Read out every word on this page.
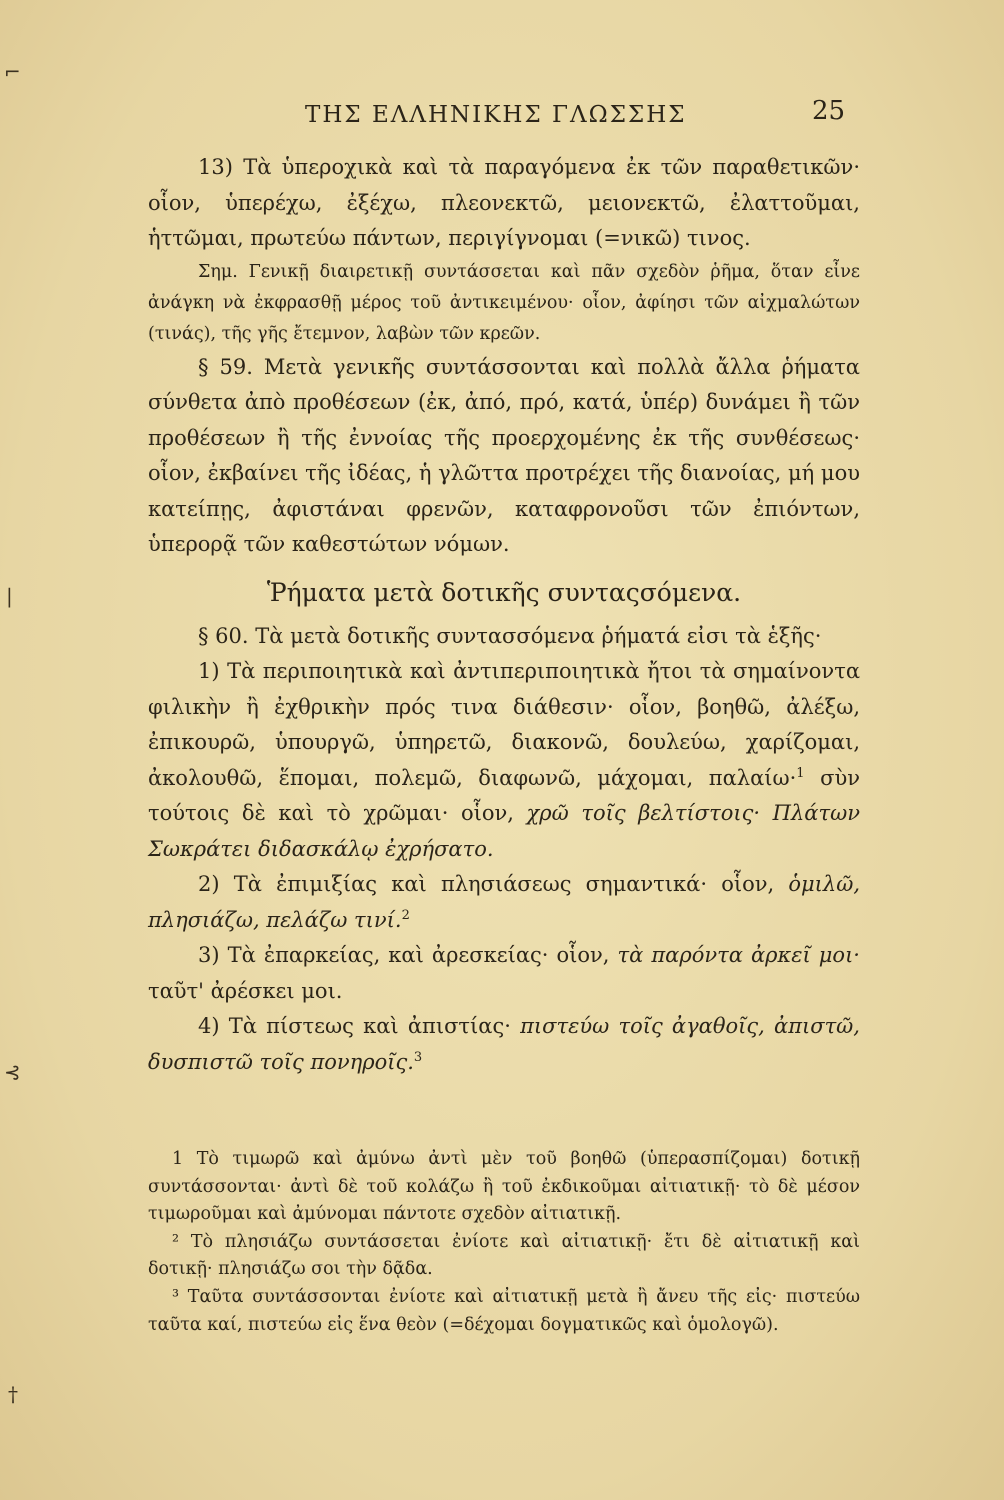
ΤΗΣ ΕΛΛΗΝΙΚΗΣ ΓΛΩΣΣΗΣ	25
⌐
|
⊰
†

13) Τὰ ὑπεροχικὰ καὶ τὰ παραγόμενα ἐκ τῶν παραθετικῶν· οἷον, ὑπερέχω, ἐξέχω, πλεονεκτῶ, μειονεκτῶ, ἐλαττοῦμαι, ἡττῶμαι, πρωτεύω πάντων, περιγίγνομαι (=νικῶ) τινος.

Σημ. Γενικῇ διαιρετικῇ συντάσσεται καὶ πᾶν σχεδὸν ῥῆμα, ὅταν εἶνε ἀνάγκη νὰ ἐκφρασθῇ μέρος τοῦ ἀντικειμένου· οἷον, ἀφίησι τῶν αἰχμαλώτων (τινάς), τῆς γῆς ἔτεμνον, λαβὼν τῶν κρεῶν.

§ 59. Μετὰ γενικῆς συντάσσονται καὶ πολλὰ ἄλλα ῥήματα σύνθετα ἀπὸ προθέσεων (ἐκ, ἀπό, πρό, κατά, ὑπέρ) δυνάμει ἢ τῶν προθέσεων ἢ τῆς ἐννοίας τῆς προερχομένης ἐκ τῆς συνθέσεως· οἷον, ἐκβαίνει τῆς ἰδέας, ἡ γλῶττα προτρέχει τῆς διανοίας, μή μου κατείπῃς, ἀφιστάναι φρενῶν, καταφρονοῦσι τῶν ἐπιόντων, ὑπερορᾷ τῶν καθεστώτων νόμων.

Ῥήματα μετὰ δοτικῆς συνταςσόμενα.

§ 60. Τὰ μετὰ δοτικῆς συντασσόμενα ῥήματά εἰσι τὰ ἑξῆς·

1) Τὰ περιποιητικὰ καὶ ἀντιπεριποιητικὰ ἤτοι τὰ σημαίνοντα φιλικὴν ἢ ἐχθρικὴν πρός τινα διάθεσιν· οἷον, βοηθῶ, ἀλέξω, ἐπικουρῶ, ὑπουργῶ, ὑπηρετῶ, διακονῶ, δουλεύω, χαρίζομαι, ἀκολουθῶ, ἕπομαι, πολεμῶ, διαφωνῶ, μάχομαι, παλαίω·$^1$ σὺν τούτοις δὲ καὶ τὸ χρῶμαι· οἷον, χρῶ τοῖς βελτίστοις· Πλάτων Σωκράτει διδασκάλῳ ἐχρήσατο.

2) Τὰ ἐπιμιξίας καὶ πλησιάσεως σημαντικά· οἷον, ὁμιλῶ, πλησιάζω, πελάζω τινί.$^2$

3) Τὰ ἐπαρκείας, καὶ ἀρεσκείας· οἷον, τὰ παρόντα ἀρκεῖ μοι· ταῦτ' ἀρέσκει μοι.

4) Τὰ πίστεως καὶ ἀπιστίας· πιστεύω τοῖς ἀγαθοῖς, ἀπιστῶ, δυσπιστῶ τοῖς πονηροῖς.$^3$

1 Τὸ τιμωρῶ καὶ ἀμύνω ἀντὶ μὲν τοῦ βοηθῶ (ὑπερασπίζομαι) δοτικῇ συντάσσονται· ἀντὶ δὲ τοῦ κολάζω ἢ τοῦ ἐκδικοῦμαι αἰτιατικῇ· τὸ δὲ μέσον τιμωροῦμαι καὶ ἀμύνομαι πάντοτε σχεδὸν αἰτιατικῇ.

² Τὸ πλησιάζω συντάσσεται ἐνίοτε καὶ αἰτιατικῇ· ἔτι δὲ αἰτιατικῇ καὶ δοτικῇ· πλησιάζω σοι τὴν δᾷδα.

³ Ταῦτα συντάσσονται ἐνίοτε καὶ αἰτιατικῇ μετὰ ἢ ἄνευ τῆς εἰς· πιστεύω ταῦτα καί, πιστεύω εἰς ἕνα θεὸν (=δέχομαι δογματικῶς καὶ ὁμολογῶ).
